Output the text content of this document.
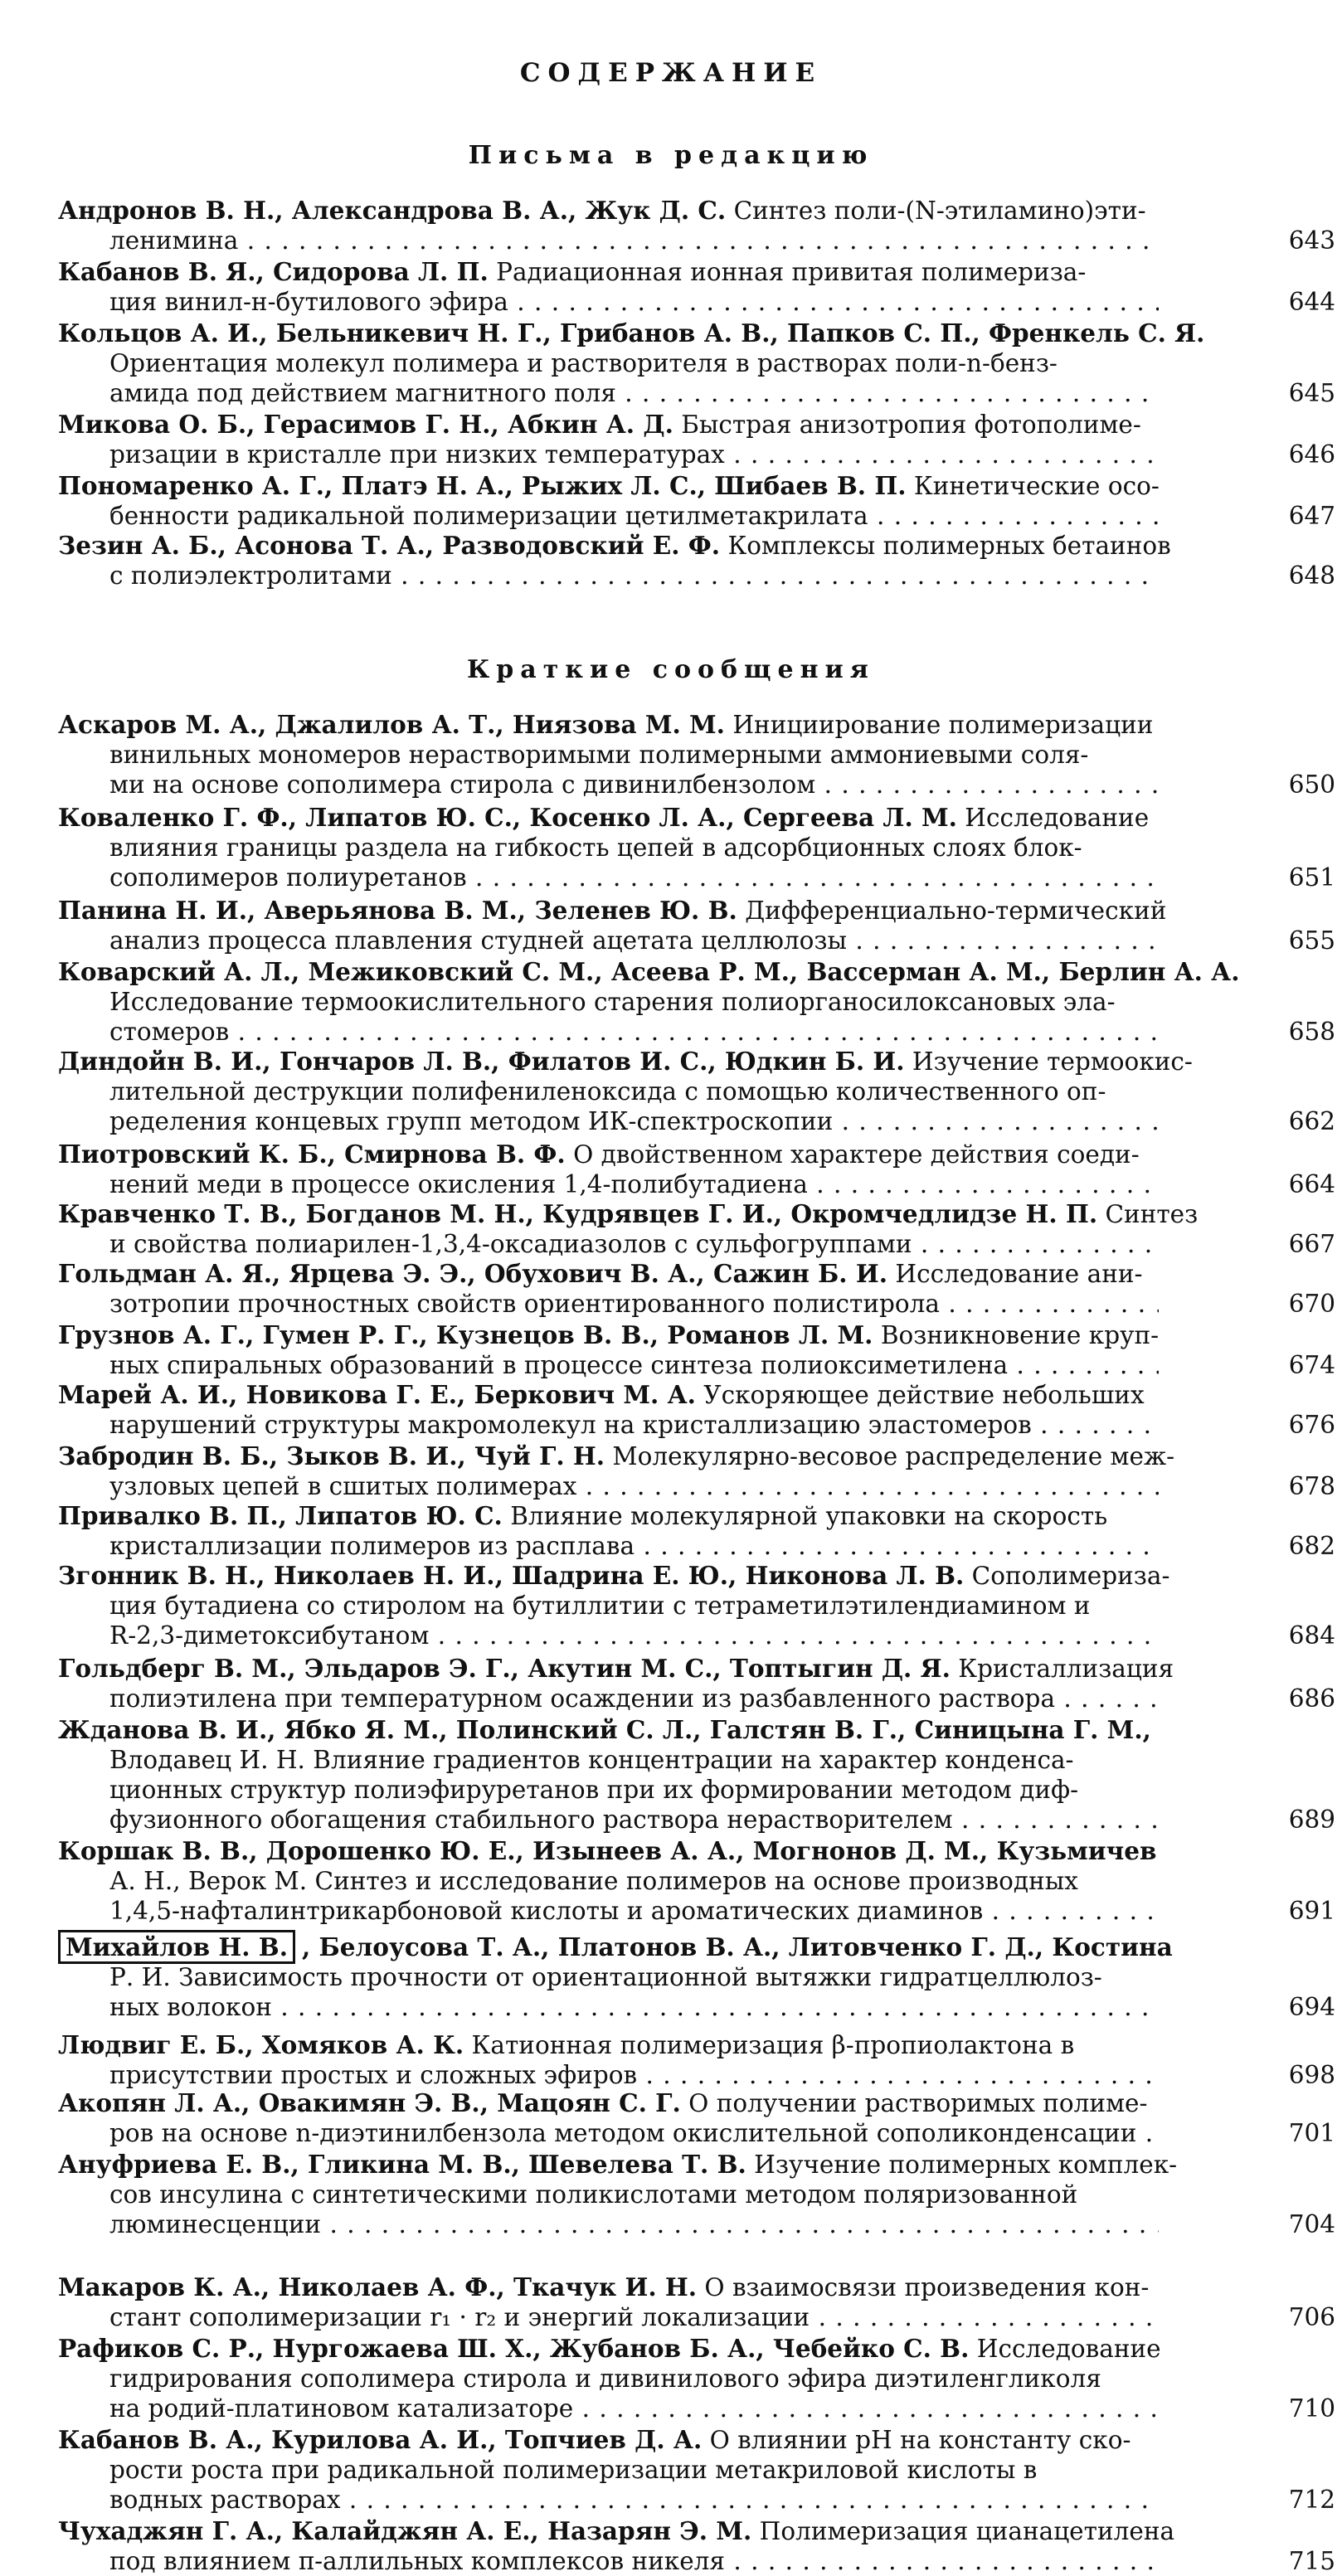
СОДЕРЖАНИЕ
Письма в редакцию
Андронов В. Н., Александрова В. А., Жук Д. С. Синтез поли-(N-этиламино)эти-
ленимина . . .	643
Кабанов В. Я., Сидорова Л. П. Радиационная ионная привитая полимериза-
ция винил-н-бутилового эфира . . .	644
Кольцов А. И., Бельникевич Н. Г., Грибанов А. В., Папков С. П., Френкель С. Я.
Ориентация молекул полимера и растворителя в растворах поли-n-бенз-
амида под действием магнитного поля . . .	645
Микова О. Б., Герасимов Г. Н., Абкин А. Д. Быстрая анизотропия фотополиме-
ризации в кристалле при низких температурах . . .	646
Пономаренко А. Г., Платэ Н. А., Рыжих Л. С., Шибаев В. П. Кинетические осо-
бенности радикальной полимеризации цетилметакрилата . . .	647
Зезин А. Б., Асонова Т. А., Разводовский Е. Ф. Комплексы полимерных бетаинов
с полиэлектролитами . . .	648
Краткие сообщения
Аскаров М. А., Джалилов А. Т., Ниязова М. М. Инициирование полимеризации
винильных мономеров нерастворимыми полимерными аммониевыми соля-
ми на основе сополимера стирола с дивинилбензолом . . .	650
Коваленко Г. Ф., Липатов Ю. С., Косенко Л. А., Сергеева Л. М. Исследование
влияния границы раздела на гибкость цепей в адсорбционных слоях блок-
сополимеров полиуретанов . . .	651
Панина Н. И., Аверьянова В. М., Зеленев Ю. В. Дифференциально-термический
анализ процесса плавления студней ацетата целлюлозы . . .	655
Коварский А. Л., Межиковский С. М., Асеева Р. М., Вассерман А. М., Берлин А. А.
Исследование термоокислительного старения полиорганосилоксановых эла-
стомеров . . .	658
Диндойн В. И., Гончаров Л. В., Филатов И. С., Юдкин Б. И. Изучение термоокис-
лительной деструкции полифениленоксида с помощью количественного оп-
ределения концевых групп методом ИК-спектроскопии . . .	662
Пиотровский К. Б., Смирнова В. Ф. О двойственном характере действия соеди-
нений меди в процессе окисления 1,4-полибутадиена . . .	664
Кравченко Т. В., Богданов М. Н., Кудрявцев Г. И., Окромчедлидзе Н. П. Синтез
и свойства полиарилен-1,3,4-оксадиазолов с сульфогруппами . . .	667
Гольдман А. Я., Ярцева Э. Э., Обухович В. А., Сажин Б. И. Исследование ани-
зотропии прочностных свойств ориентированного полистирола . . .	670
Грузнов А. Г., Гумен Р. Г., Кузнецов В. В., Романов Л. М. Возникновение круп-
ных спиральных образований в процессе синтеза полиоксиметилена . . .	674
Марей А. И., Новикова Г. Е., Беркович М. А. Ускоряющее действие небольших
нарушений структуры макромолекул на кристаллизацию эластомеров . . .	676
Забродин В. Б., Зыков В. И., Чуй Г. Н. Молекулярно-весовое распределение меж-
узловых цепей в сшитых полимерах . . .	678
Привалко В. П., Липатов Ю. С. Влияние молекулярной упаковки на скорость
кристаллизации полимеров из расплава . . .	682
Згонник В. Н., Николаев Н. И., Шадрина Е. Ю., Никонова Л. В. Сополимериза-
ция бутадиена со стиролом на бутиллитии с тетраметилэтилендиамином и
R-2,3-диметоксибутаном . . .	684
Гольдберг В. М., Эльдаров Э. Г., Акутин М. С., Топтыгин Д. Я. Кристаллизация
полиэтилена при температурном осаждении из разбавленного раствора . . .	686
Жданова В. И., Ябко Я. М., Полинский С. Л., Галстян В. Г., Синицына Г. М.,
Влодавец И. Н. Влияние градиентов концентрации на характер конденса-
ционных структур полиэфируретанов при их формировании методом диф-
фузионного обогащения стабильного раствора нерастворителем . . .	689
Коршак В. В., Дорошенко Ю. Е., Изынеев А. А., Могнонов Д. М., Кузьмичев
А. Н., Верок М. Синтез и исследование полимеров на основе производных
1,4,5-нафталинтрикарбоновой кислоты и ароматических диаминов . . .	691
Михайлов Н. В. , Белоусова Т. А., Платонов В. А., Литовченко Г. Д., Костина
Р. И. Зависимость прочности от ориентационной вытяжки гидратцеллюлоз-
ных волокон . . .	694
Людвиг Е. Б., Хомяков А. К. Катионная полимеризация β-пропиолактона в
присутствии простых и сложных эфиров . . .	698
Акопян Л. А., Овакимян Э. В., Мацоян С. Г. О получении растворимых полиме-
ров на основе n-диэтинилбензола методом окислительной сополиконденсации . . .	701
Ануфриева Е. В., Гликина М. В., Шевелева Т. В. Изучение полимерных комплек-
сов инсулина с синтетическими поликислотами методом поляризованной
люминесценции . . .	704
Макаров К. А., Николаев А. Ф., Ткачук И. Н. О взаимосвязи произведения кон-
стант сополимеризации r₁ · r₂ и энергий локализации . . .	706
Рафиков С. Р., Нургожаева Ш. Х., Жубанов Б. А., Чебейко С. В. Исследование
гидрирования сополимера стирола и дивинилового эфира диэтиленгликоля
на родий-платиновом катализаторе . . .	710
Кабанов В. А., Курилова А. И., Топчиев Д. А. О влиянии pH на константу ско-
рости роста при радикальной полимеризации метакриловой кислоты в
водных растворах . . .	712
Чухаджян Г. А., Калайджян А. Е., Назарян Э. М. Полимеризация цианацетилена
под влиянием π-аллильных комплексов никеля . . .	715
